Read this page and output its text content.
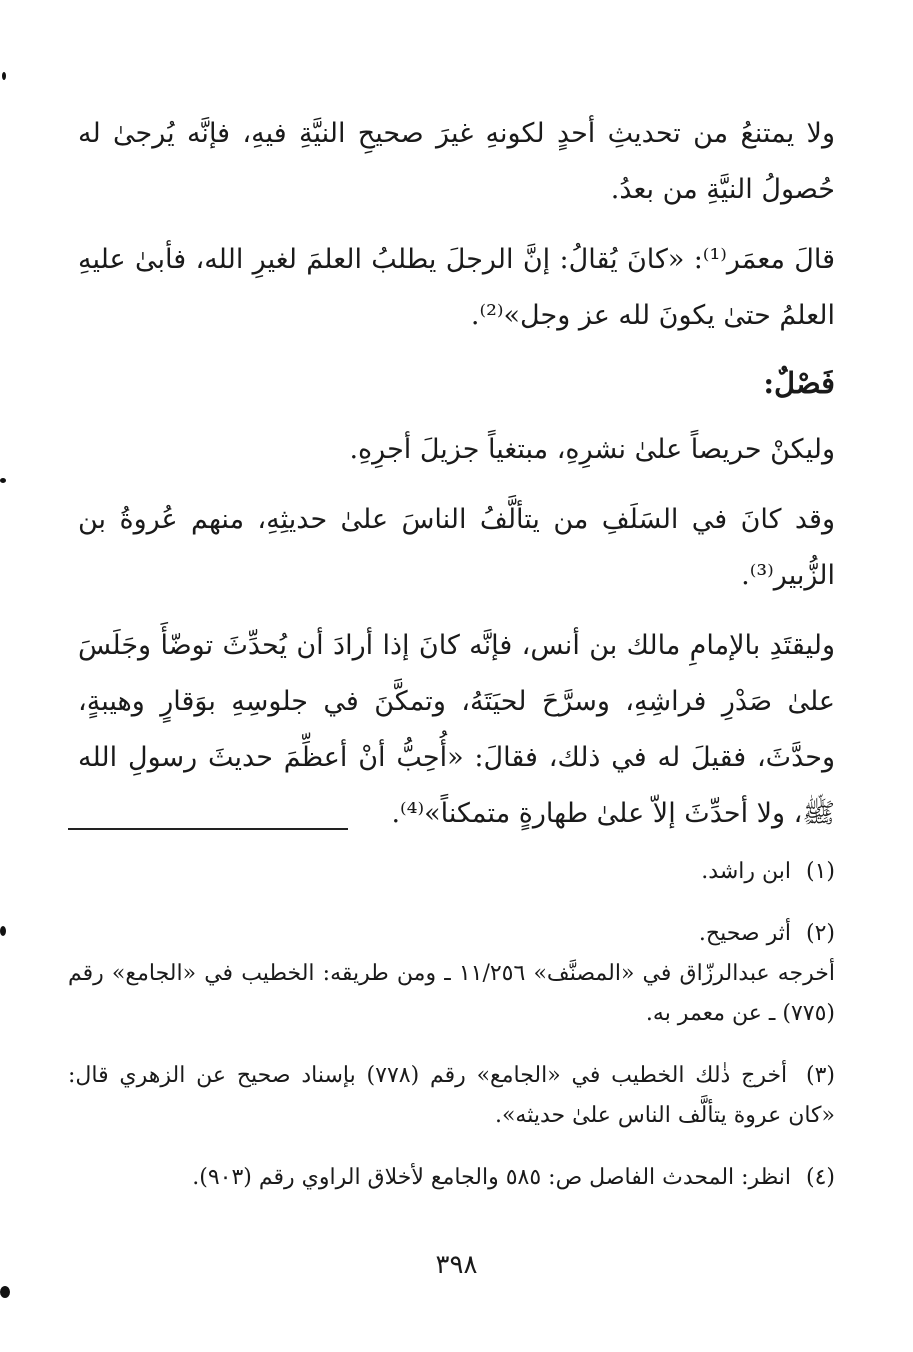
ولا يمتنعُ من تحديثِ أحدٍ لكونهِ غيرَ صحيحِ النيَّةِ فيهِ، فإنَّه يُرجىٰ له حُصولُ النيَّةِ من بعدُ.

قالَ معمَر⁽¹⁾: «كانَ يُقالُ: إنَّ الرجلَ يطلبُ العلمَ لغيرِ الله، فأبىٰ عليهِ العلمُ حتىٰ يكونَ لله عز وجل»⁽²⁾.

فَصْلٌ:

وليكنْ حريصاً علىٰ نشرِهِ، مبتغياً جزيلَ أجرِهِ.

وقد كانَ في السَلَفِ من يتألَّفُ الناسَ علىٰ حديثِهِ، منهم عُروةُ بن الزُّبير⁽³⁾.

وليقتَدِ بالإمامِ مالك بن أنس، فإنَّه كانَ إذا أرادَ أن يُحدِّثَ توضّأَ وجَلَسَ علىٰ صَدْرِ فراشِهِ، وسرَّحَ لحيَتَهُ، وتمكَّنَ في جلوسِهِ بوَقارٍ وهيبةٍ، وحدَّثَ، فقيلَ له في ذلك، فقالَ: «أُحِبُّ أنْ أعظِّمَ حديثَ رسولِ الله ﷺ، ولا أحدِّثَ إلاّ علىٰ طهارةٍ متمكناً»⁽⁴⁾.

(١) ابن راشد.
(٢) أثر صحيح.
أخرجه عبدالرزّاق في «المصنَّف» ١١/٢٥٦ ـ ومن طريقه: الخطيب في «الجامع» رقم (٧٧٥) ـ عن معمر به.
(٣) أخرج ذٰلك الخطيب في «الجامع» رقم (٧٧٨) بإسناد صحيح عن الزهري قال: «كان عروة يتألَّف الناس علىٰ حديثه».
(٤) انظر: المحدث الفاصل ص: ٥٨٥ والجامع لأخلاق الراوي رقم (٩٠٣).
٣٩٨
